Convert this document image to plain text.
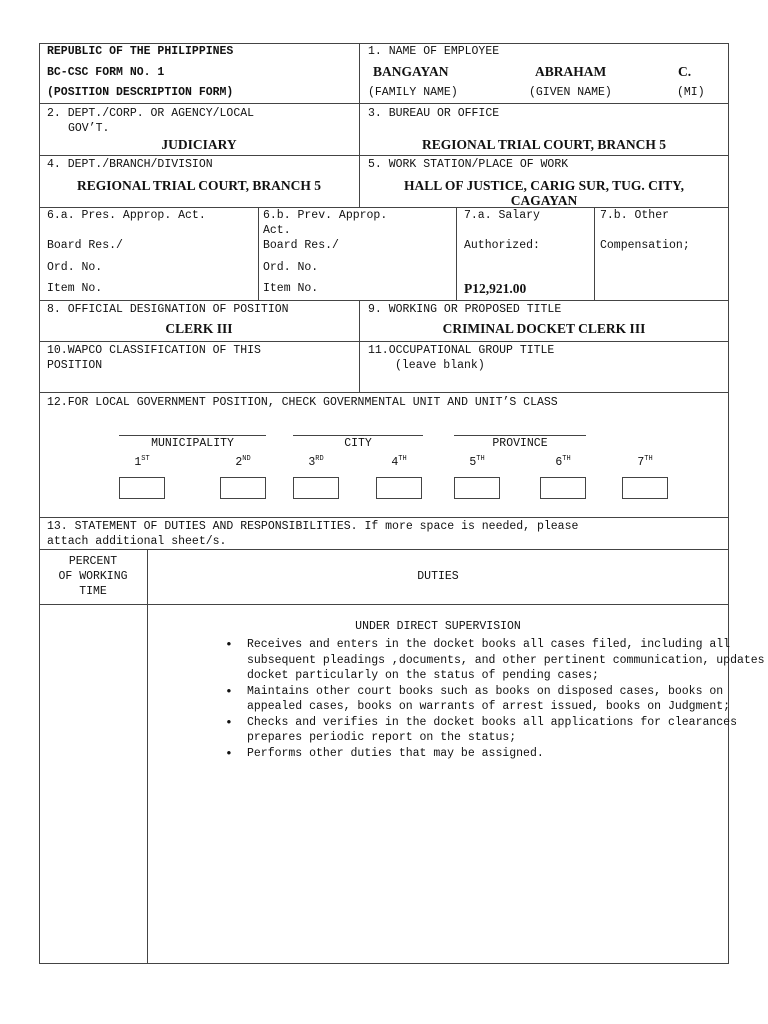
REPUBLIC OF THE PHILIPPINES
BC-CSC FORM NO. 1
(POSITION DESCRIPTION FORM)
1. NAME OF EMPLOYEE
BANGAYAN	ABRAHAM	C.
(FAMILY NAME)	(GIVEN NAME)	(MI)
2. DEPT./CORP. OR AGENCY/LOCAL
GOV’T.
JUDICIARY
3. BUREAU OR OFFICE
REGIONAL TRIAL COURT, BRANCH 5
4. DEPT./BRANCH/DIVISION
REGIONAL TRIAL COURT, BRANCH 5
5. WORK STATION/PLACE OF WORK
HALL OF JUSTICE, CARIG SUR, TUG. CITY,
CAGAYAN
6.a. Pres. Approp. Act.
Board Res./
Ord. No.
Item No.
6.b. Prev. Approp.
Act.
Board Res./
Ord. No.
Item No.
7.a. Salary
Authorized:
P12,921.00
7.b. Other
Compensation;
8. OFFICIAL DESIGNATION OF POSITION
CLERK III
9. WORKING OR PROPOSED TITLE
CRIMINAL DOCKET CLERK III
10.WAPCO CLASSIFICATION OF THIS
POSITION
11.OCCUPATIONAL GROUP TITLE
(leave blank)
12.FOR LOCAL GOVERNMENT POSITION, CHECK GOVERNMENTAL UNIT AND UNIT’S CLASS
MUNICIPALITY	CITY	PROVINCE
1ST	2ND	3RD	4TH	5TH	6TH	7TH
13. STATEMENT OF DUTIES AND RESPONSIBILITIES. If more space is needed, please
attach additional sheet/s.
PERCENT
OF WORKING
TIME
DUTIES
UNDER DIRECT SUPERVISION
• Receives and enters in the docket books all cases filed, including all subsequent pleadings ,documents, and other pertinent communication, updates docket particularly on the status of pending cases;
• Maintains other court books such as books on disposed cases, books on appealed cases, books on warrants of arrest issued, books on Judgment;
• Checks and verifies in the docket books all applications for clearances prepares periodic report on the status;
• Performs other duties that may be assigned.
